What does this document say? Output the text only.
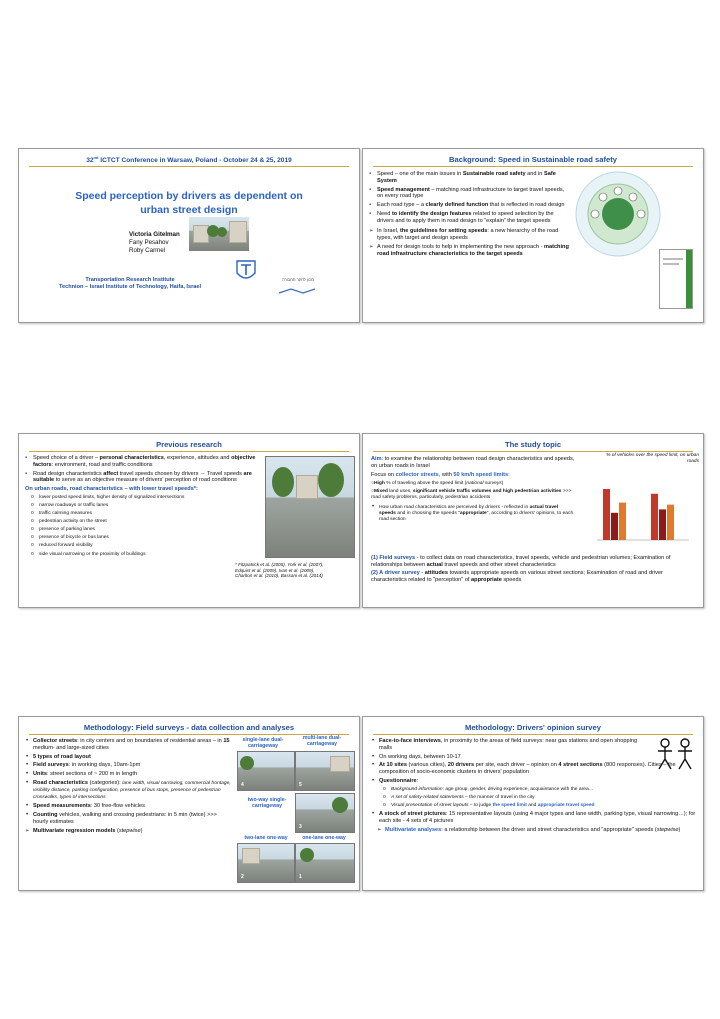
32nd ICTCT Conference in Warsaw, Poland - October 24 & 25, 2019
Speed perception by drivers as dependent on
urban street design
Victoria Gitelman
Fany Pesahov
Roby Carmel
Transportation Research Institute
Technion – Israel Institute of Technology, Haifa, Israel
מכון לחקר תחבורה
Background: Speed in Sustainable road safety
▪ Speed – one of the main issues in Sustainable road safety and in Safe System
▪ Speed management – matching road infrastructure to target travel speeds, on every road type
▪ Each road type – a clearly defined function that is reflected in road design
▪ Need to identify the design features related to speed selection by the drivers and to apply them in road design to “explain” the target speeds
➢ In Israel, the guidelines for setting speeds: a new hierarchy of the road types, with target and design speeds
➢ A need for design tools to help in implementing the new approach - matching road infrastructure characteristics to the target speeds
Previous research
▪ Speed choice of a driver – personal characteristics, experience, attitudes and objective factors: environment, road and traffic conditions
▪ Road design characteristics affect travel speeds chosen by drivers ⇔ Travel speeds are suitable to serve as an objective measure of drivers' perception of road conditions
On urban roads, road characteristics – with lower travel speeds*:
o lower posted speed limits, higher density of signalized intersections
o narrow roadways or traffic lanes
o traffic calming measures
o pedestrian activity on the street
o presence of parking lanes
o presence of bicycle or bus lanes
o reduced forward visibility
o side visual narrowing or the proximity of buildings
* Fitzpatrick et al. (2005), York et al. (2007),
Edquist et al. (2009), Ivan et al. (2009),
Charlton et al. (2010), Bassani et al. (2014)
The study topic
Aim: to examine the relationship between road design characteristics and speeds, on urban roads in Israel
Focus on collector streets, with 50 km/h speed limits:
○High % of traveling above the speed limit (national surveys)
○Mixed land uses, significant vehicle traffic volumes and high pedestrian activities >>> road safety problems, particularly, pedestrian accidents
• How urban road characteristics are perceived by drivers - reflected in actual travel speeds and in choosing the speeds "appropriate", according to drivers' opinions, to each road section
(1) Field surveys - to collect data on road characteristics, travel speeds, vehicle and pedestrian volumes; Examination of relationships between actual travel speeds and other street characteristics
(2) A driver survey - attitudes towards appropriate speeds on various street sections; Examination of road and driver characteristics related to "perception" of appropriate speeds
% of vehicles over the speed limit, on urban roads
Methodology: Field surveys - data collection and analyses
• Collector streets: in city centers and on boundaries of residential areas – in 15 medium- and large-sized cities
• 5 types of road layout
• Field surveys: in working days, 10am-1pm
• Units: street sections of ~ 200 m in length
• Road characteristics (categories): lane width, visual narrowing, commercial frontage, visibility distance, parking configuration, presence of bus stops, presence of pedestrian crosswalks, types of intersections
• Speed measurements: 30 free-flow vehicles
• Counting vehicles, walking and crossing pedestrians: in 5 min (twice) >>> hourly estimates
➢ Multivariate regression models (stepwise)
single-lane dual-carriageway
multi-lane dual-carriageway
4	5
two-way single-carriageway
3
two-lane one-way	one-lane one-way
2	1
Methodology: Drivers' opinion survey
• Face-to-face interviews, in proximity to the areas of field surveys: near gas stations and open shopping malls
• On working days, between 10-17
• At 10 sites (various cities), 20 drivers per site, each driver – opinion on 4 street sections (800 responses). Cities – the composition of socio-economic clusters in drivers' population
• Questionnaire:
o Background information: age group, gender, driving experience, acquaintance with the area…
o A set of safety-related statements – the manner of travel in the city
o Visual presentation of street layouts – to judge the speed limit and appropriate travel speed
• A stock of street pictures: 15 representative layouts (using 4 major types and lane width, parking type, visual narrowing…); for each site - 4 sets of 4 pictures
➢ Multivariate analyses: a relationship between the driver and street characteristics and "appropriate" speeds (stepwise)
